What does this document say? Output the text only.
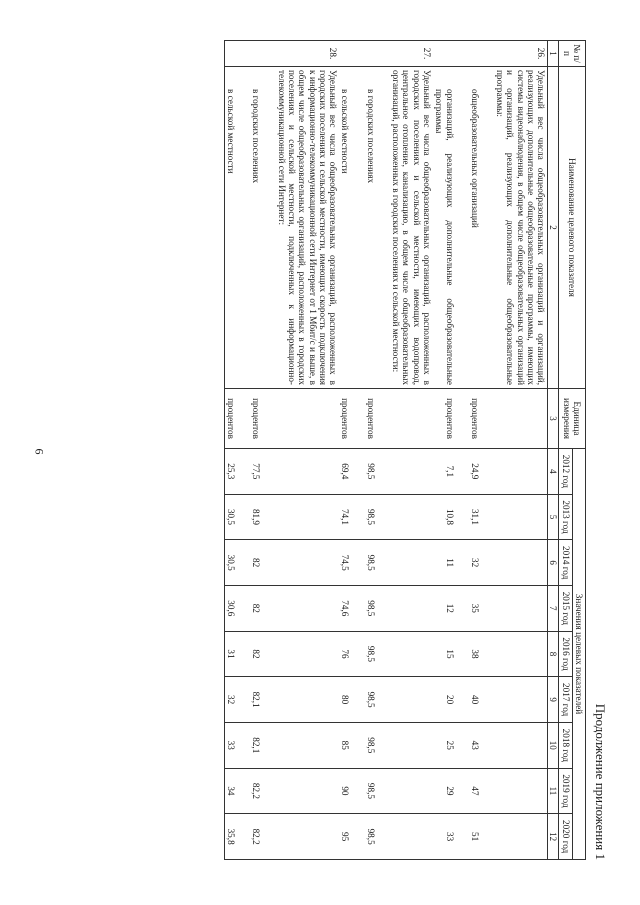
6
Продолжение приложения 1
№ п/п	Наименование целевого показателя	Единица измерения	Значения целевых показателей								
			2012 год	2013 год	2014 год	2015 год	2016 год	2017 год	2018 год	2019 год	2020 год
1	2	3	4	5	6	7	8	9	10	11	12
26.	Удельный вес числа общеобразовательных организаций и организаций, реализующих дополнительные общеобразовательные программы, имеющих системы видеонаблюдения, в общем числе общеобразовательных организаций и организаций, реализующих дополнительные общеобразовательные программы:										
	общеобразовательных организаций	процентов	24,9	31,1	32	35	38	40	43	47	51
	организаций, реализующих дополнительные общеобразовательные программы	процентов	7,1	10,8	11	12	15	20	25	29	33
27.	Удельный вес числа общеобразовательных организаций, расположенных в городских поселениях и сельской местности, имеющих водопровод, центральное отопление, канализацию, в общем числе общеобразовательных организаций, расположенных в городских поселениях и сельской местности:										
	в городских поселениях	процентов	98,5	98,5	98,5	98,5	98,5	98,5	98,5	98,5	98,5
	в сельской местности	процентов	69,4	74,1	74,5	74,6	76	80	85	90	95
28.	Удельный вес числа общеобразовательных организаций, расположенных в городских поселениях и сельской местности, имеющих скорость подключения к информационно-телекоммуникационной сети Интернет от 1 Мбит/с и выше, в общем числе общеобразовательных организаций, расположенных в городских поселениях и сельской местности, подключенных к информационно-телекоммуникационной сети Интернет:										
	в городских поселениях	процентов	77,5	81,9	82	82	82	82,1	82,1	82,2	82,2
	в сельской местности	процентов	25,3	30,5	30,5	30,6	31	32	33	34	35,8
